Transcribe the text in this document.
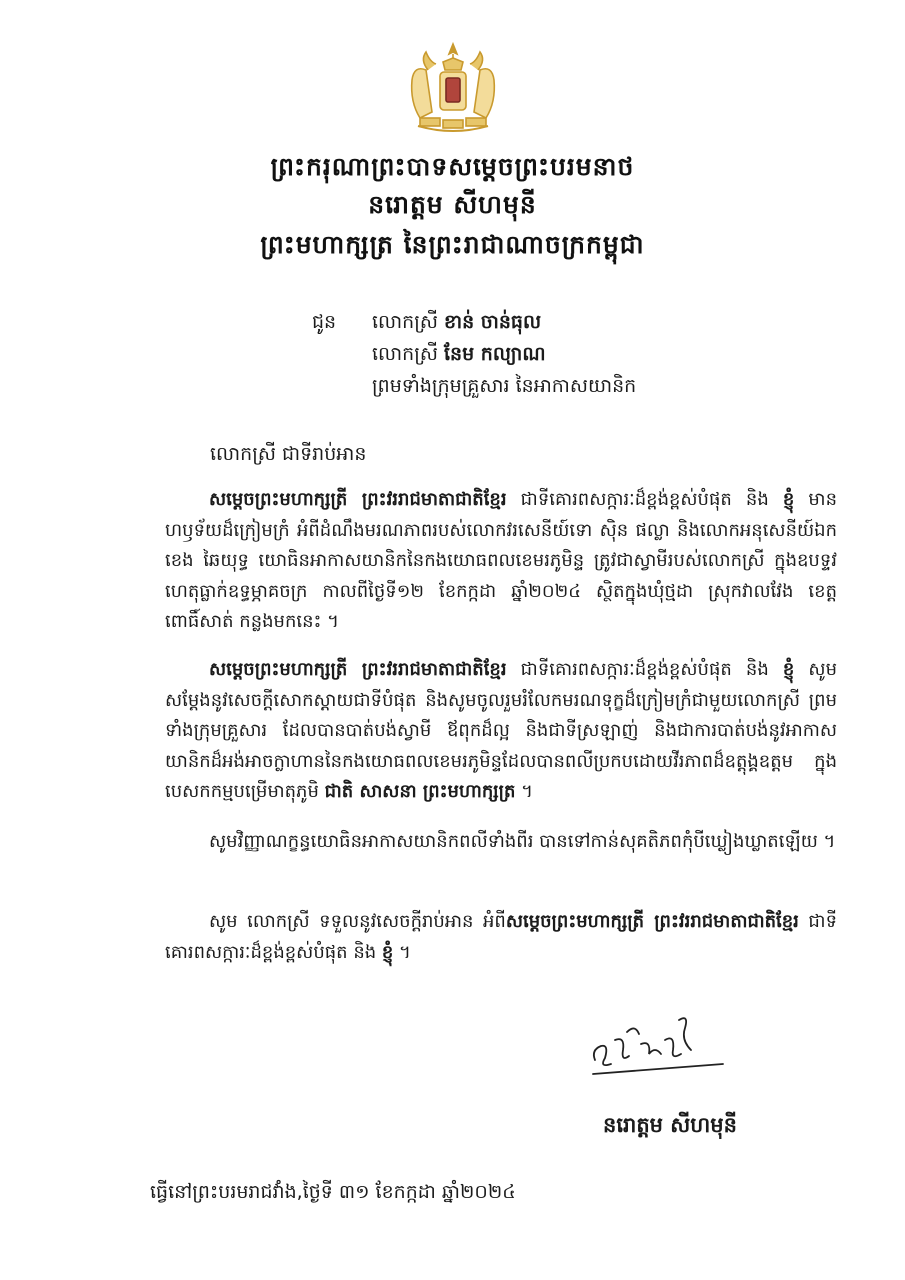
ព្រះករុណាព្រះបាទសម្តេចព្រះបរមនាថ
នរោត្តម សីហមុនី
ព្រះមហាក្សត្រ នៃព្រះរាជាណាចក្រកម្ពុជា
ជូន លោកស្រី ខាន់ ចាន់ធុល
លោកស្រី នែម កល្យាណ
ព្រមទាំងក្រុមគ្រួសារ នៃអាកាសយានិក
លោកស្រី ជាទីរាប់អាន
សម្តេចព្រះមហាក្សត្រី ព្រះវររាជមាតាជាតិខ្មែរ ជាទីគោរពសក្ការៈដ៏ខ្ពង់ខ្ពស់បំផុត និង ខ្ញុំ មានហឫទ័យដ៏ក្រៀមក្រំ អំពីដំណឹងមរណភាពរបស់លោកវរសេនីយ៍ទោ ស៊ិន ផល្លា និងលោកអនុសេនីយ៍ឯក ខេង ឆៃយុទ្ធ យោធិនអាកាសយានិកនៃកងយោធពលខេមរភូមិន្ទ ត្រូវជាស្វាមីរបស់លោកស្រី ក្នុងឧបទ្ទវហេតុធ្លាក់ឧទ្ធម្ភាគចក្រ កាលពីថ្ងៃទី១២ ខែកក្កដា ឆ្នាំ២០២៤ ស្ថិតក្នុងឃុំថ្មដា ស្រុកវាលវែង ខេត្តពោធិ៍សាត់ កន្លងមកនេះ ។
សម្តេចព្រះមហាក្សត្រី ព្រះវររាជមាតាជាតិខ្មែរ ជាទីគោរពសក្ការៈដ៏ខ្ពង់ខ្ពស់បំផុត និង ខ្ញុំ សូមសម្តែងនូវសេចក្តីសោកស្តាយជាទីបំផុត និងសូមចូលរួមរំលែកមរណទុក្ខដ៏ក្រៀមក្រំជាមួយលោកស្រី ព្រមទាំងក្រុមគ្រួសារ ដែលបានបាត់បង់ស្វាមី ឪពុកដ៏ល្អ និងជាទីស្រឡាញ់ និងជាការបាត់បង់នូវអាកាសយានិកដ៏អង់អាចក្លាហាននៃកងយោធពលខេមរភូមិន្ទដែលបានពលីប្រកបដោយវីរភាពដ៏ឧត្តុង្គឧត្តម ក្នុងបេសកកម្មបម្រើមាតុភូមិ ជាតិ សាសនា ព្រះមហាក្សត្រ ។
សូមវិញ្ញាណក្ខន្ធយោធិនអាកាសយានិកពលីទាំងពីរ បានទៅកាន់សុគតិភពកុំបីឃ្លៀងឃ្លាតឡើយ ។
សូម លោកស្រី ទទួលនូវសេចក្តីរាប់អាន អំពីសម្តេចព្រះមហាក្សត្រី ព្រះវររាជមាតាជាតិខ្មែរ ជាទីគោរពសក្ការៈដ៏ខ្ពង់ខ្ពស់បំផុត និង ខ្ញុំ ។
នរោត្តម សីហមុនី
ធ្វើនៅព្រះបរមរាជវាំង,ថ្ងៃទី ៣១ ខែកក្កដា ឆ្នាំ២០២៤
